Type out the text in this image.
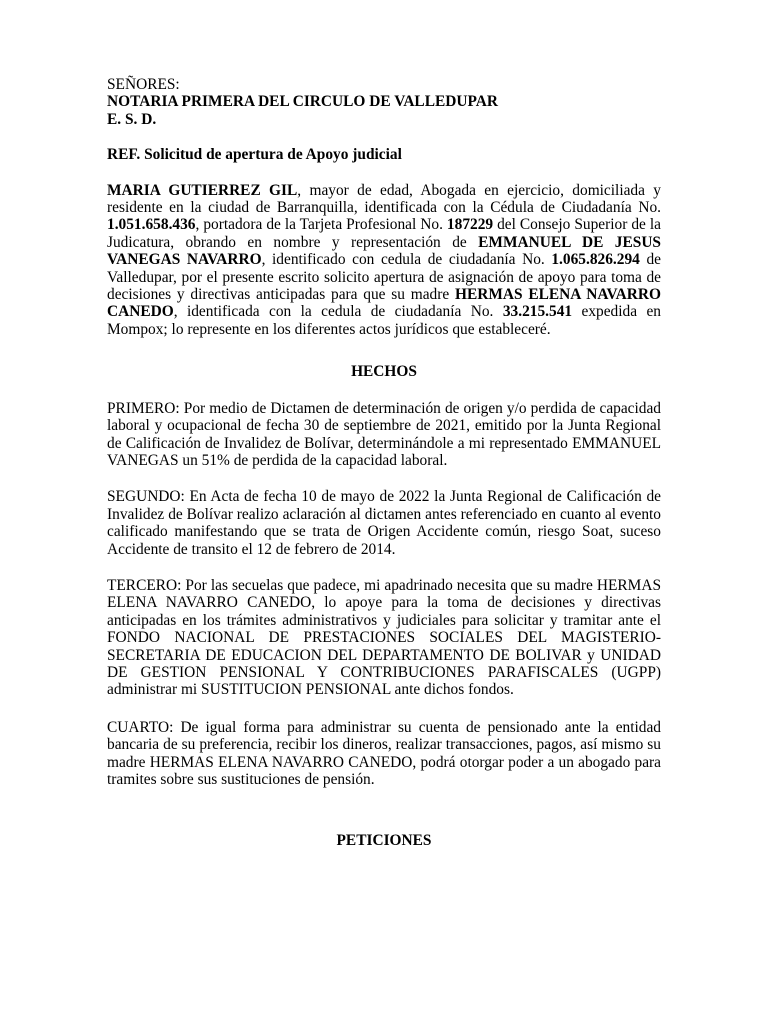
SEÑORES:

NOTARIA PRIMERA DEL CIRCULO DE VALLEDUPAR

E. S. D.

REF. Solicitud de apertura de Apoyo judicial

MARIA GUTIERREZ GIL, mayor de edad, Abogada en ejercicio, domiciliada y residente en la ciudad de Barranquilla, identificada con la Cédula de Ciudadanía No. 1.051.658.436, portadora de la Tarjeta Profesional No. 187229 del Consejo Superior de la Judicatura, obrando en nombre y representación de EMMANUEL DE JESUS VANEGAS NAVARRO, identificado con cedula de ciudadanía No. 1.065.826.294 de Valledupar, por el presente escrito solicito apertura de asignación de apoyo para toma de decisiones y directivas anticipadas para que su madre HERMAS ELENA NAVARRO CANEDO, identificada con la cedula de ciudadanía No. 33.215.541 expedida en Mompox; lo represente en los diferentes actos jurídicos que estableceré.

HECHOS

PRIMERO: Por medio de Dictamen de determinación de origen y/o perdida de capacidad laboral y ocupacional de fecha 30 de septiembre de 2021, emitido por la Junta Regional de Calificación de Invalidez de Bolívar, determinándole a mi representado EMMANUEL VANEGAS un 51% de perdida de la capacidad laboral.

SEGUNDO: En Acta de fecha 10 de mayo de 2022 la Junta Regional de Calificación de Invalidez de Bolívar realizo aclaración al dictamen antes referenciado en cuanto al evento calificado manifestando que se trata de Origen Accidente común, riesgo Soat, suceso Accidente de transito el 12 de febrero de 2014.

TERCERO: Por las secuelas que padece, mi apadrinado necesita que su madre HERMAS ELENA NAVARRO CANEDO, lo apoye para la toma de decisiones y directivas anticipadas en los trámites administrativos y judiciales para solicitar y tramitar ante el FONDO NACIONAL DE PRESTACIONES SOCIALES DEL MAGISTERIO- SECRETARIA DE EDUCACION DEL DEPARTAMENTO DE BOLIVAR y UNIDAD DE GESTION PENSIONAL Y CONTRIBUCIONES PARAFISCALES (UGPP) administrar mi SUSTITUCION PENSIONAL ante dichos fondos.

CUARTO: De igual forma para administrar su cuenta de pensionado ante la entidad bancaria de su preferencia, recibir los dineros, realizar transacciones, pagos, así mismo su madre HERMAS ELENA NAVARRO CANEDO, podrá otorgar poder a un abogado para tramites sobre sus sustituciones de pensión.

PETICIONES
